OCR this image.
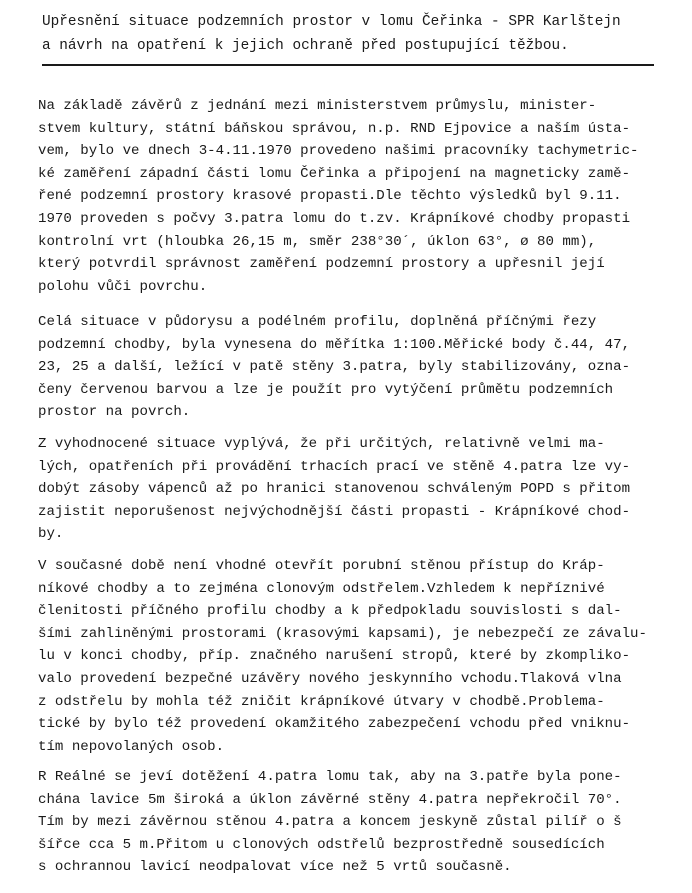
Upřesnění situace podzemních prostor v lomu Čeřinka - SPR Karlštejn
a návrh na opatření k jejich ochraně před postupující těžbou.
Na základě závěrů z jednání mezi ministerstvem průmyslu, minister-
stvem kultury, státní báňskou správou, n.p. RND Ejpovice a naším ústa-
vem, bylo ve dnech 3-4.11.1970 provedeno našimi pracovníky tachymetric-
ké zaměření západní části lomu Čeřinka a připojení na magneticky zamě-
řené podzemní prostory krasové propasti.Dle těchto výsledků byl 9.11.
1970 proveden s počvy 3.patra lomu do t.zv. Krápníkové chodby propasti
kontrolní vrt (hloubka 26,15 m, směr 238°30´, úklon 63°, ø 80 mm),
který potvrdil správnost zaměření podzemní prostory a upřesnil její
polohu vůči povrchu.
Celá situace v půdorysu a podélném profilu, doplněná příčnými řezy
podzemní chodby, byla vynesena do měřítka 1:100.Měřické body č.44, 47,
23, 25 a další, ležící v patě stěny 3.patra, byly stabilizovány, ozna-
čeny červenou barvou a lze je použít pro vytýčení průmětu podzemních
prostor na povrch.
Z vyhodnocené situace vyplývá, že při určitých, relativně velmi ma-
lých, opatřeních při provádění trhacích prací ve stěně 4.patra lze vy-
dobýt zásoby vápenců až po hranici stanovenou schváleným POPD s přitom
zajistit neporušenost nejvýchodnější části propasti - Krápníkové chod-
by.
V současné době není vhodné otevřít porubní stěnou přístup do Kráp-
níkové chodby a to zejména clonovým odstřelem.Vzhledem k nepříznivé
členitosti příčného profilu chodby a k předpokladu souvislosti s dal-
šími zahliněnými prostorami (krasovými kapsami), je nebezpečí ze závalu-
lu v konci chodby, příp. značného narušení stropů, které by zkompliko-
valo provedení bezpečné uzávěry nového jeskynního vchodu.Tlaková vlna
z odstřelu by mohla též zničit krápníkové útvary v chodbě.Problema-
tické by bylo též provedení okamžitého zabezpečení vchodu před vniknu-
tím nepovolaných osob.
R Reálné se jeví dotěžení 4.patra lomu tak, aby na 3.patře byla pone-
chána lavice 5m široká a úklon závěrné stěny 4.patra nepřekročil 70°.
Tím by mezi závěrnou stěnou 4.patra a koncem jeskyně zůstal pilíř o š
šířce cca 5 m.Přitom u clonových odstřelů bezprostředně sousedících
s ochrannou lavicí neodpalovat více než 5 vrtů současně.
